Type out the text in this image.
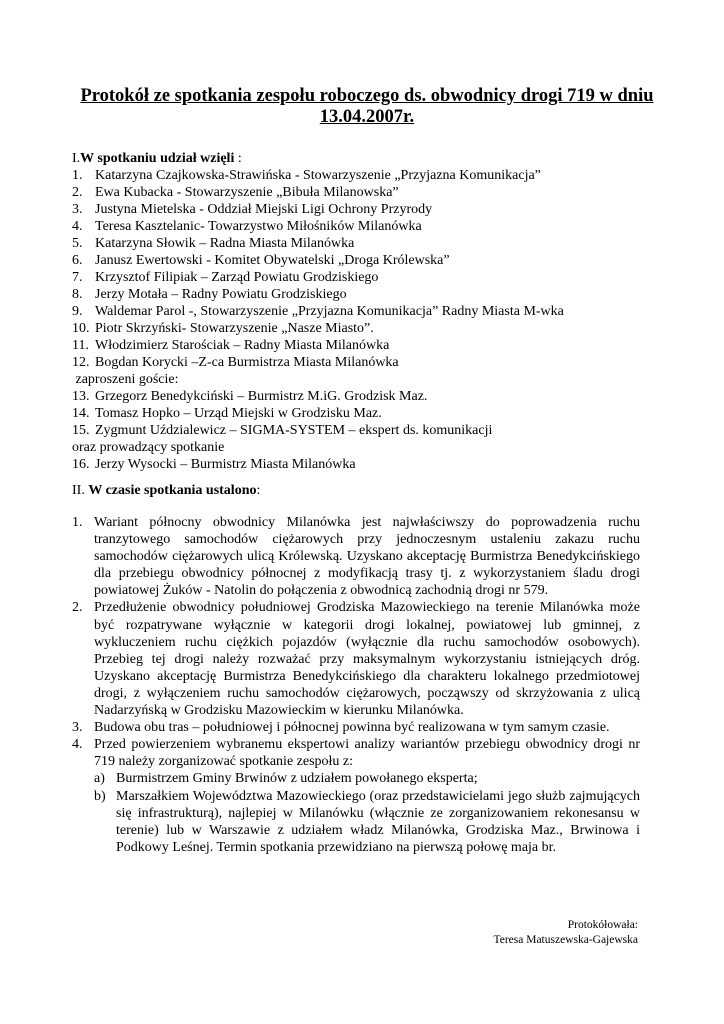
Protokół ze spotkania zespołu roboczego ds. obwodnicy drogi 719 w dniu
13.04.2007r.
I.W spotkaniu udział wzięli :
1. Katarzyna Czajkowska-Strawińska - Stowarzyszenie „Przyjazna Komunikacja”
2. Ewa Kubacka - Stowarzyszenie „Bibuła Milanowska”
3. Justyna Mietelska - Oddział Miejski Ligi Ochrony Przyrody
4. Teresa Kasztelanic- Towarzystwo Miłośników Milanówka
5. Katarzyna Słowik – Radna Miasta Milanówka
6. Janusz Ewertowski - Komitet Obywatelski „Droga Królewska”
7. Krzysztof Filipiak – Zarząd Powiatu Grodziskiego
8. Jerzy Motała – Radny Powiatu Grodziskiego
9. Waldemar Parol -, Stowarzyszenie „Przyjazna Komunikacja” Radny Miasta M-wka
10. Piotr Skrzyński- Stowarzyszenie „Nasze Miasto”.
11. Włodzimierz Starościak – Radny Miasta Milanówka
12. Bogdan Korycki –Z-ca Burmistrza Miasta Milanówka
zaproszeni goście:
13. Grzegorz Benedykciński – Burmistrz M.iG. Grodzisk Maz.
14. Tomasz Hopko – Urząd Miejski w Grodzisku Maz.
15. Zygmunt Uździalewicz – SIGMA-SYSTEM – ekspert ds. komunikacji
oraz prowadzący spotkanie
16. Jerzy Wysocki – Burmistrz Miasta Milanówka
II. W czasie spotkania ustalono:
1. Wariant północny obwodnicy Milanówka jest najwłaściwszy do poprowadzenia ruchu tranzytowego samochodów ciężarowych przy jednoczesnym ustaleniu zakazu ruchu samochodów ciężarowych ulicą Królewską. Uzyskano akceptację Burmistrza Benedykcińskiego dla przebiegu obwodnicy północnej z modyfikacją trasy tj. z wykorzystaniem śladu drogi powiatowej Żuków - Natolin do połączenia z obwodnicą zachodnią drogi nr 579.
2. Przedłużenie obwodnicy południowej Grodziska Mazowieckiego na terenie Milanówka może być rozpatrywane wyłącznie w kategorii drogi lokalnej, powiatowej lub gminnej, z wykluczeniem ruchu ciężkich pojazdów (wyłącznie dla ruchu samochodów osobowych). Przebieg tej drogi należy rozważać przy maksymalnym wykorzystaniu istniejących dróg. Uzyskano akceptację Burmistrza Benedykcińskiego dla charakteru lokalnego przedmiotowej drogi, z wyłączeniem ruchu samochodów ciężarowych, począwszy od skrzyżowania z ulicą Nadarzyńską w Grodzisku Mazowieckim w kierunku Milanówka.
3. Budowa obu tras – południowej i północnej powinna być realizowana w tym samym czasie.
4. Przed powierzeniem wybranemu ekspertowi analizy wariantów przebiegu obwodnicy drogi nr 719 należy zorganizować spotkanie zespołu z:
a) Burmistrzem Gminy Brwinów z udziałem powołanego eksperta;
b) Marszałkiem Województwa Mazowieckiego (oraz przedstawicielami jego służb zajmujących się infrastrukturą), najlepiej w Milanówku (włącznie ze zorganizowaniem rekonesansu w terenie) lub w Warszawie z udziałem władz Milanówka, Grodziska Maz., Brwinowa i Podkowy Leśnej. Termin spotkania przewidziano na pierwszą połowę maja br.
Protokółowała:
Teresa Matuszewska-Gajewska
